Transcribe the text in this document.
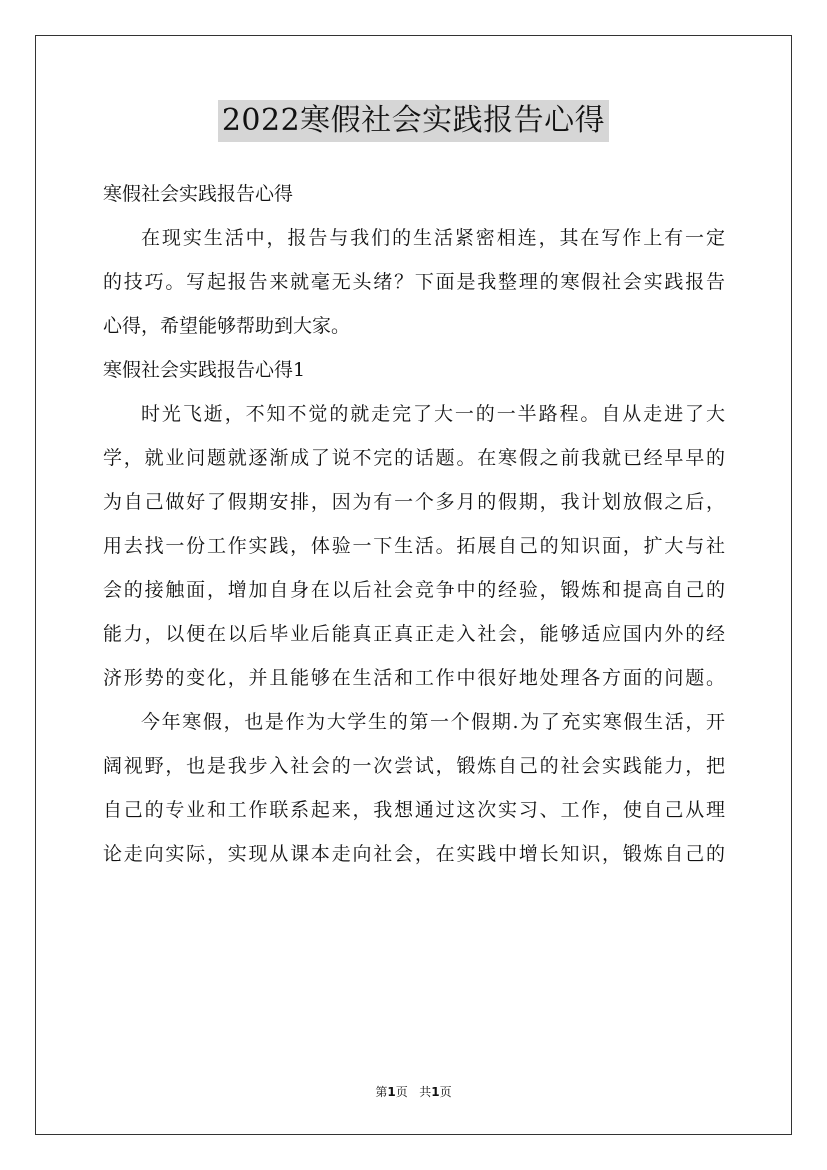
2022寒假社会实践报告心得
寒假社会实践报告心得
在现实生活中，报告与我们的生活紧密相连，其在写作上有一定
的技巧。写起报告来就毫无头绪？下面是我整理的寒假社会实践报告
心得，希望能够帮助到大家。
寒假社会实践报告心得1
时光飞逝，不知不觉的就走完了大一的一半路程。自从走进了大
学，就业问题就逐渐成了说不完的话题。在寒假之前我就已经早早的
为自己做好了假期安排，因为有一个多月的假期，我计划放假之后，
用去找一份工作实践，体验一下生活。拓展自己的知识面，扩大与社
会的接触面，增加自身在以后社会竞争中的经验，锻炼和提高自己的
能力，以便在以后毕业后能真正真正走入社会，能够适应国内外的经
济形势的变化，并且能够在生活和工作中很好地处理各方面的问题。
今年寒假，也是作为大学生的第一个假期.为了充实寒假生活，开
阔视野，也是我步入社会的一次尝试，锻炼自己的社会实践能力，把
自己的专业和工作联系起来，我想通过这次实习、工作，使自己从理
论走向实际，实现从课本走向社会，在实践中增长知识，锻炼自己的
第1页 共1页
